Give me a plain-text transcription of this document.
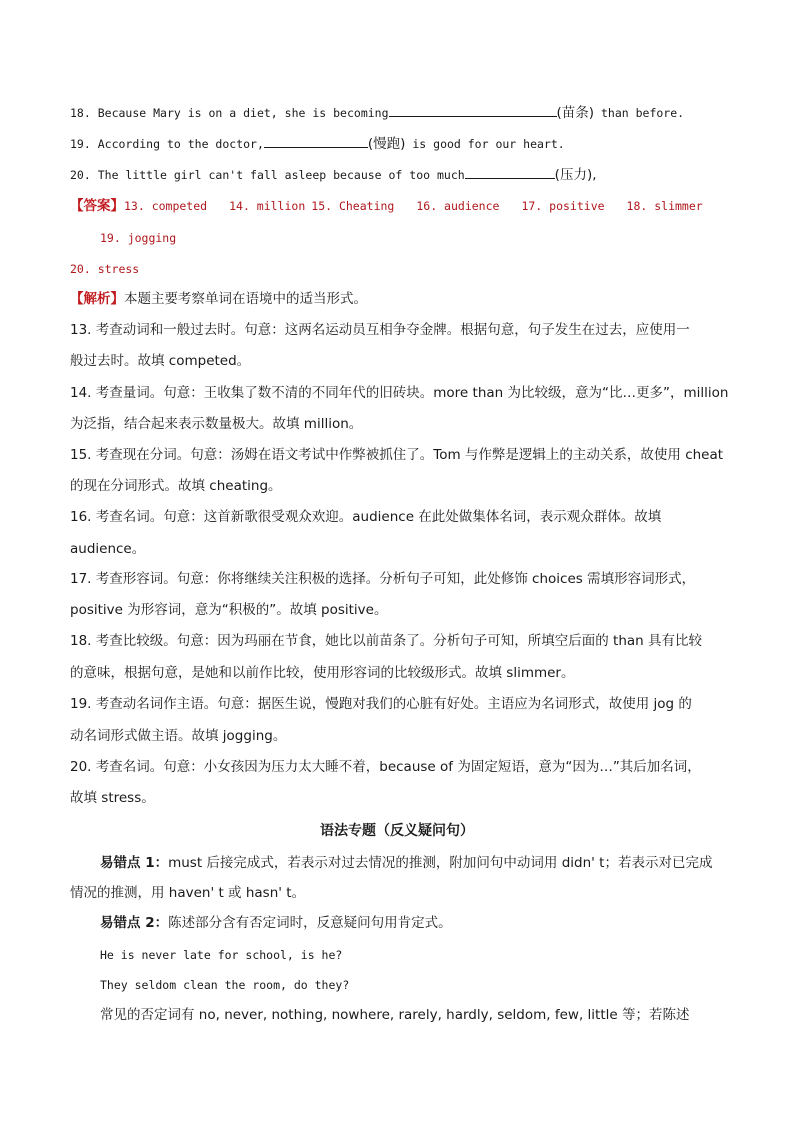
18. Because Mary is on a diet, she is becoming	(苗条) than before.
19. According to the doctor,	(慢跑) is good for our heart.
20. The little girl can't fall asleep because of too much	(压力),
【答案】13. competed 14. million 15. Cheating 16. audience 17. positive 18. slimmer
19. jogging
20. stress
【解析】本题主要考察单词在语境中的适当形式。
13. 考查动词和一般过去时。句意：这两名运动员互相争夺金牌。根据句意，句子发生在过去，应使用一
般过去时。故填 competed。
14. 考查量词。句意：王收集了数不清的不同年代的旧砖块。more than 为比较级，意为“比…更多”，million
为泛指，结合起来表示数量极大。故填 million。
15. 考查现在分词。句意：汤姆在语文考试中作弊被抓住了。Tom 与作弊是逻辑上的主动关系，故使用 cheat
的现在分词形式。故填 cheating。
16. 考查名词。句意：这首新歌很受观众欢迎。audience 在此处做集体名词，表示观众群体。故填
audience。
17. 考查形容词。句意：你将继续关注积极的选择。分析句子可知，此处修饰 choices 需填形容词形式，
positive 为形容词，意为“积极的”。故填 positive。
18. 考查比较级。句意：因为玛丽在节食，她比以前苗条了。分析句子可知，所填空后面的 than 具有比较
的意味，根据句意，是她和以前作比较，使用形容词的比较级形式。故填 slimmer。
19. 考查动名词作主语。句意：据医生说，慢跑对我们的心脏有好处。主语应为名词形式，故使用 jog 的
动名词形式做主语。故填 jogging。
20. 考查名词。句意：小女孩因为压力太大睡不着，because of 为固定短语，意为“因为…”其后加名词，
故填 stress。
语法专题（反义疑问句）
易错点 1：must 后接完成式，若表示对过去情况的推测，附加问句中动词用 didn' t；若表示对已完成
情况的推测，用 haven' t 或 hasn' t。
易错点 2：陈述部分含有否定词时，反意疑问句用肯定式。
He is never late for school, is he?
They seldom clean the room, do they?
常见的否定词有 no, never, nothing, nowhere, rarely, hardly, seldom, few, little 等；若陈述
